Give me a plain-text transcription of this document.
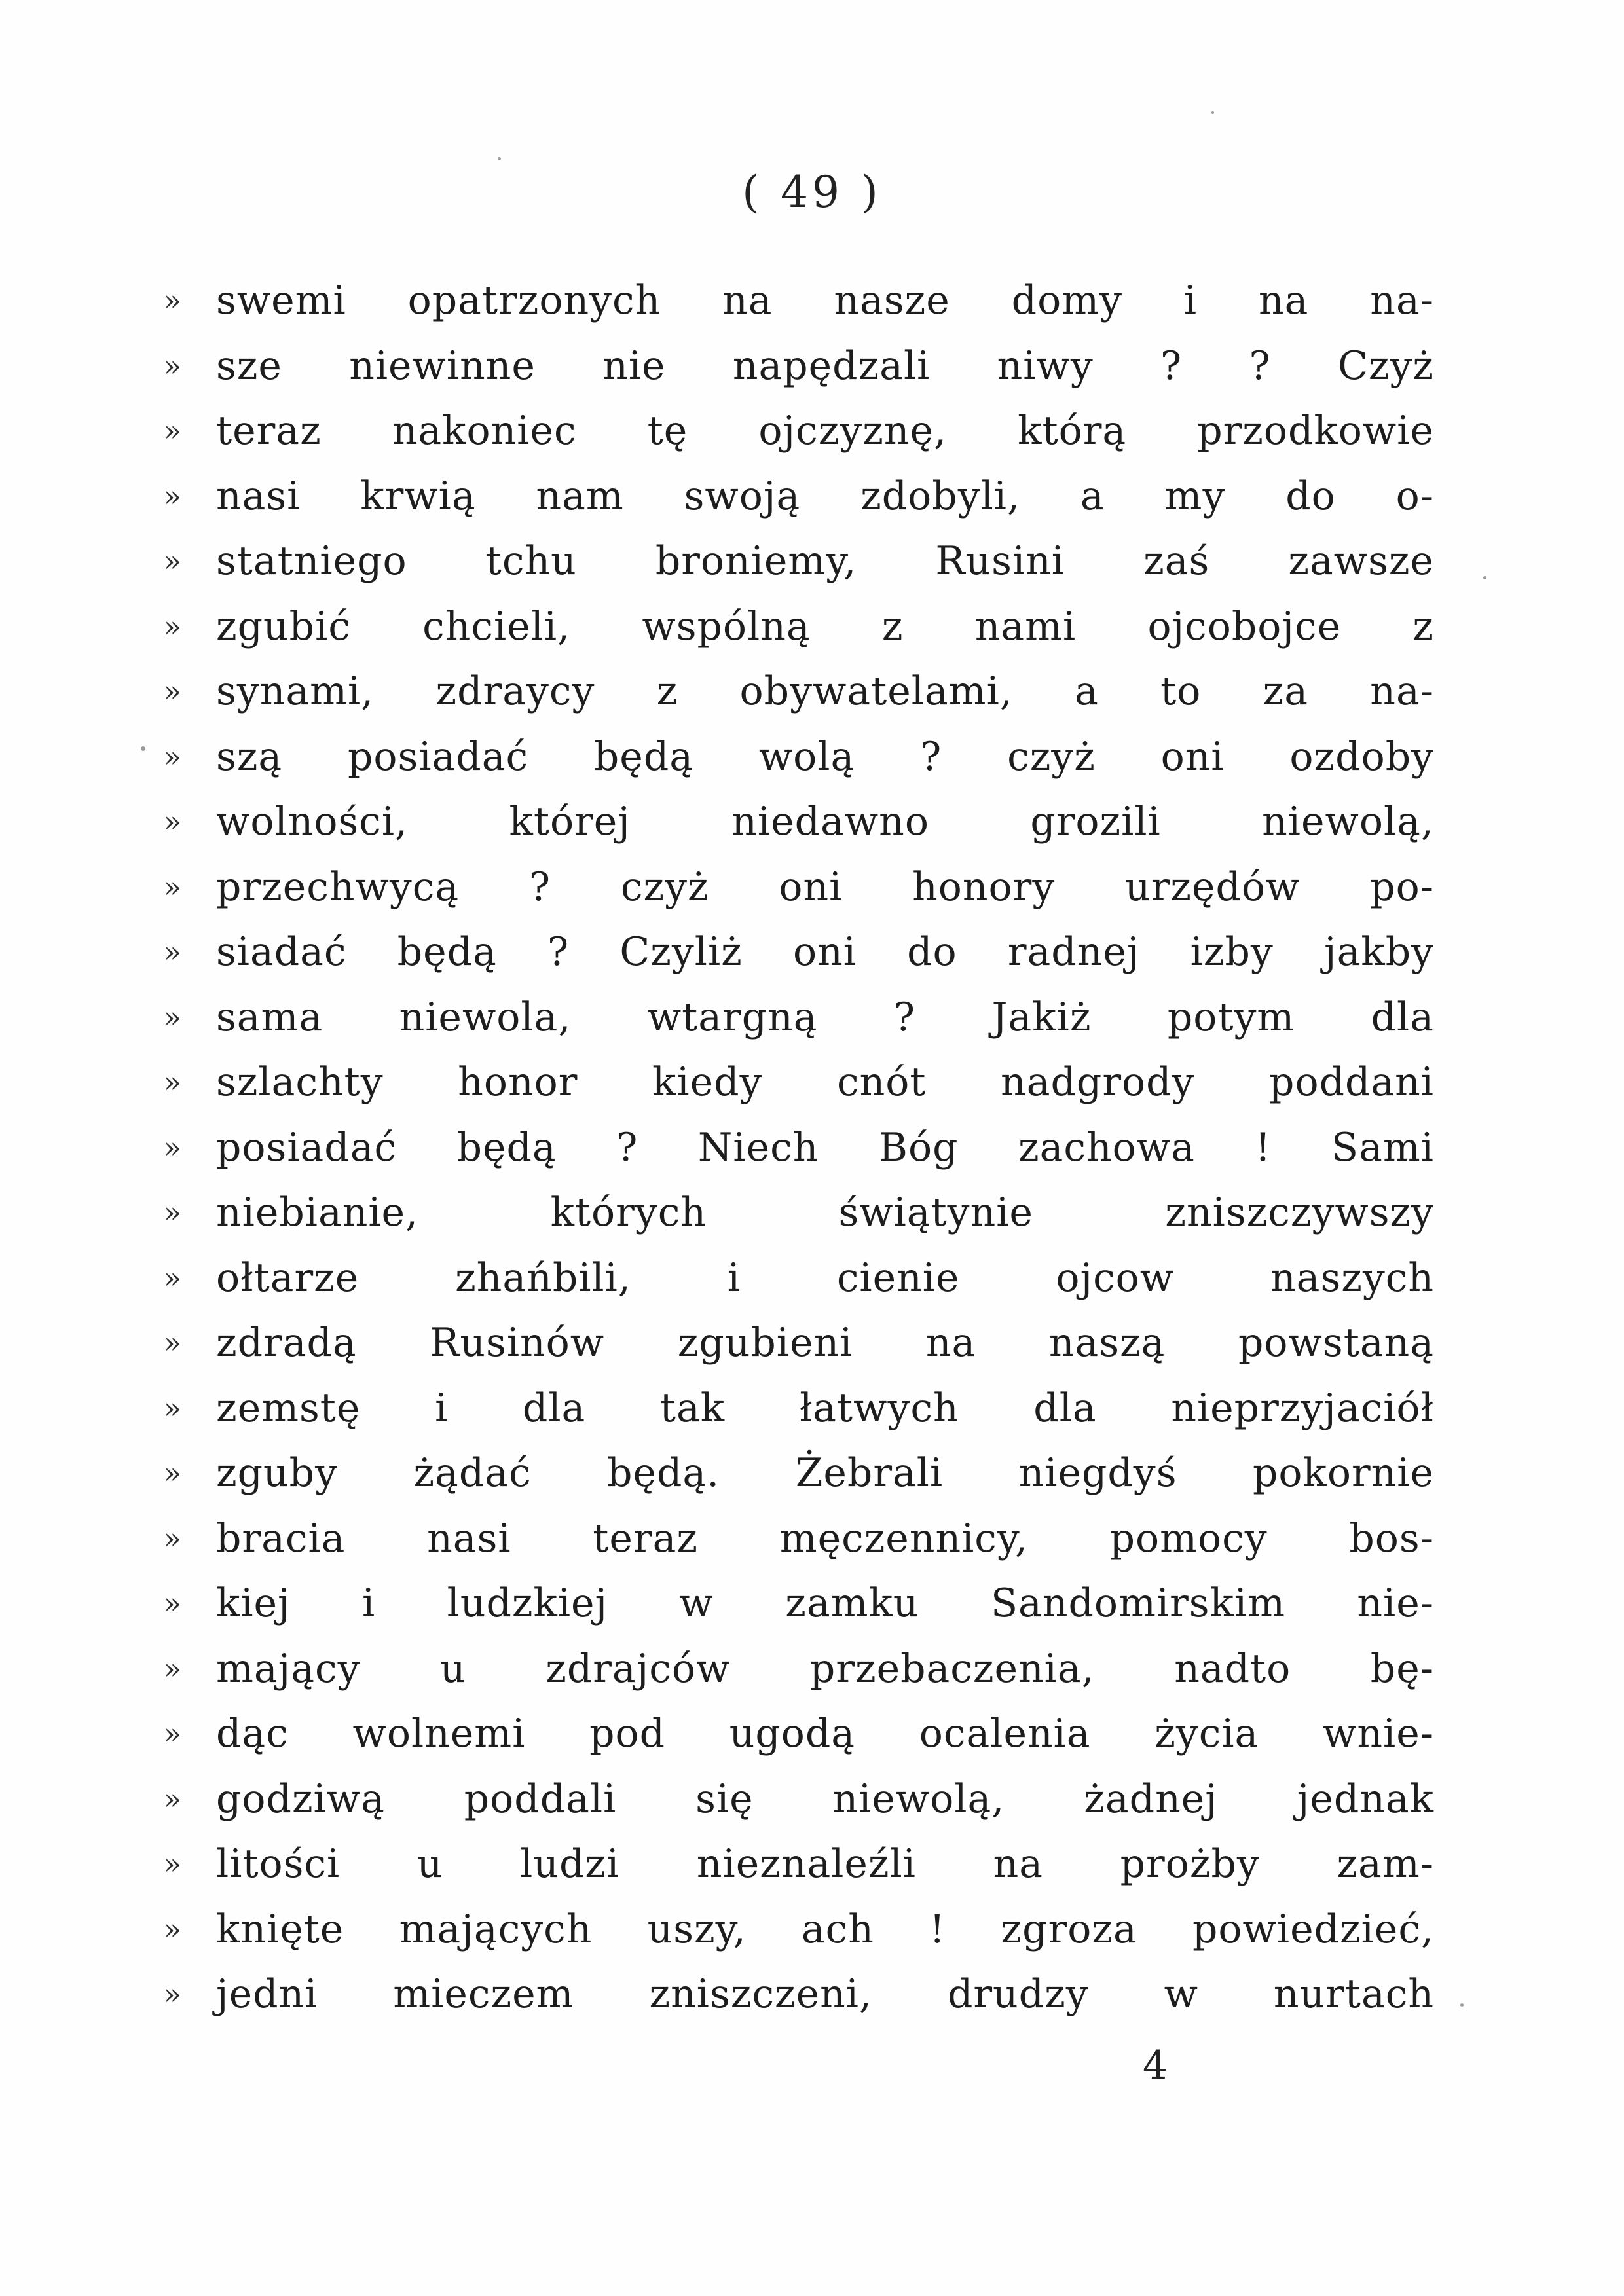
( 49 )
» swemi opatrzonych na nasze domy i na na-
» sze niewinne nie napędzali niwy ? ? Czyż
» teraz nakoniec tę ojczyznę, którą przodkowie
» nasi krwią nam swoją zdobyli, a my do o-
» statniego tchu broniemy, Rusini zaś zawsze
» zgubić chcieli, wspólną z nami ojcobojce z
» synami, zdraycy z obywatelami, a to za na-
» szą posiadać będą wolą ? czyż oni ozdoby
» wolności, której niedawno grozili niewolą,
» przechwycą ? czyż oni honory urzędów po-
» siadać będą ? Czyliż oni do radnej izby jakby
» sama niewola, wtargną ? Jakiż potym dla
» szlachty honor kiedy cnót nadgrody poddani
» posiadać będą ? Niech Bóg zachowa ! Sami
» niebianie, których świątynie zniszczywszy
» ołtarze zhańbili, i cienie ojcow naszych
» zdradą Rusinów zgubieni na naszą powstaną
» zemstę i dla tak łatwych dla nieprzyjaciół
» zguby żądać będą. Żebrali niegdyś pokornie
» bracia nasi teraz męczennicy, pomocy bos-
» kiej i ludzkiej w zamku Sandomirskim nie-
» mający u zdrajców przebaczenia, nadto bę-
» dąc wolnemi pod ugodą ocalenia życia wnie-
» godziwą poddali się niewolą, żadnej jednak
» litości u ludzi nieznaleźli na prożby zam-
» knięte mających uszy, ach ! zgroza powiedzieć,
» jedni mieczem zniszczeni, drudzy w nurtach
4
